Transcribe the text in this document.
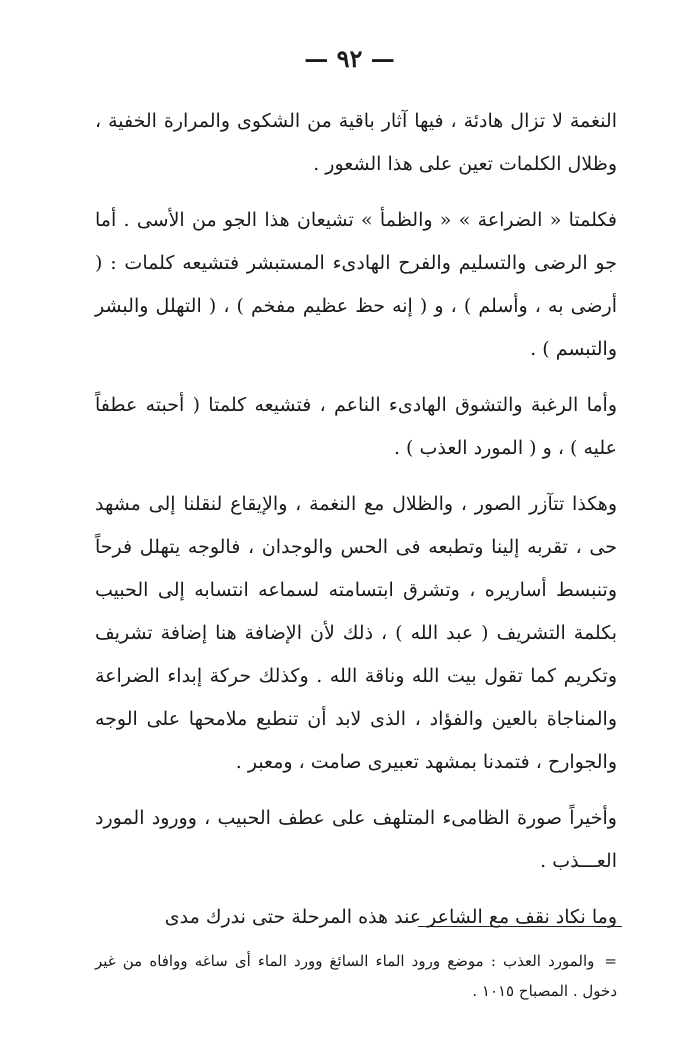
— ٩٢ —

النغمة لا تزال هادئة ، فيها آثار باقية من الشكوى والمرارة الخفية ، وظلال الكلمات تعين على هذا الشعور .

فكلمتا « الضراعة » « والظمأ » تشيعان هذا الجو من الأسى . أما جو الرضى والتسليم والفرح الهادىء المستبشر فتشيعه كلمات : ( أرضى به ، وأسلم ) ، و ( إنه حظ عظيم مفخم ) ، ( التهلل والبشر والتبسم ) .

وأما الرغبة والتشوق الهادىء الناعم ، فتشيعه كلمتا ( أحبته عطفاً عليه ) ، و ( المورد العذب ) .

وهكذا تتآزر الصور ، والظلال مع النغمة ، والإيقاع لنقلنا إلى مشهد حى ، تقربه إلينا وتطبعه فى الحس والوجدان ، فالوجه يتهلل فرحاً وتنبسط أساريره ، وتشرق ابتسامته لسماعه انتسابه إلى الحبيب بكلمة التشريف ( عبد الله ) ، ذلك لأن الإضافة هنا إضافة تشريف وتكريم كما تقول بيت الله وناقة الله . وكذلك حركة إبداء الضراعة والمناجاة بالعين والفؤاد ، الذى لابد أن تنطبع ملامحها على الوجه والجوارح ، فتمدنا بمشهد تعبيرى صامت ، ومعبر .

وأخيراً صورة الظامىء المتلهف على عطف الحبيب ، وورود المورد العـــذب .

وما نكاد نقف مع الشاعر عند هذه المرحلة حتى ندرك مدى

=والمورد العذب : موضع ورود الماء السائغ وورد الماء أى ساغه ووافاه من غير دخول . المصباح ١٠١٥ .
